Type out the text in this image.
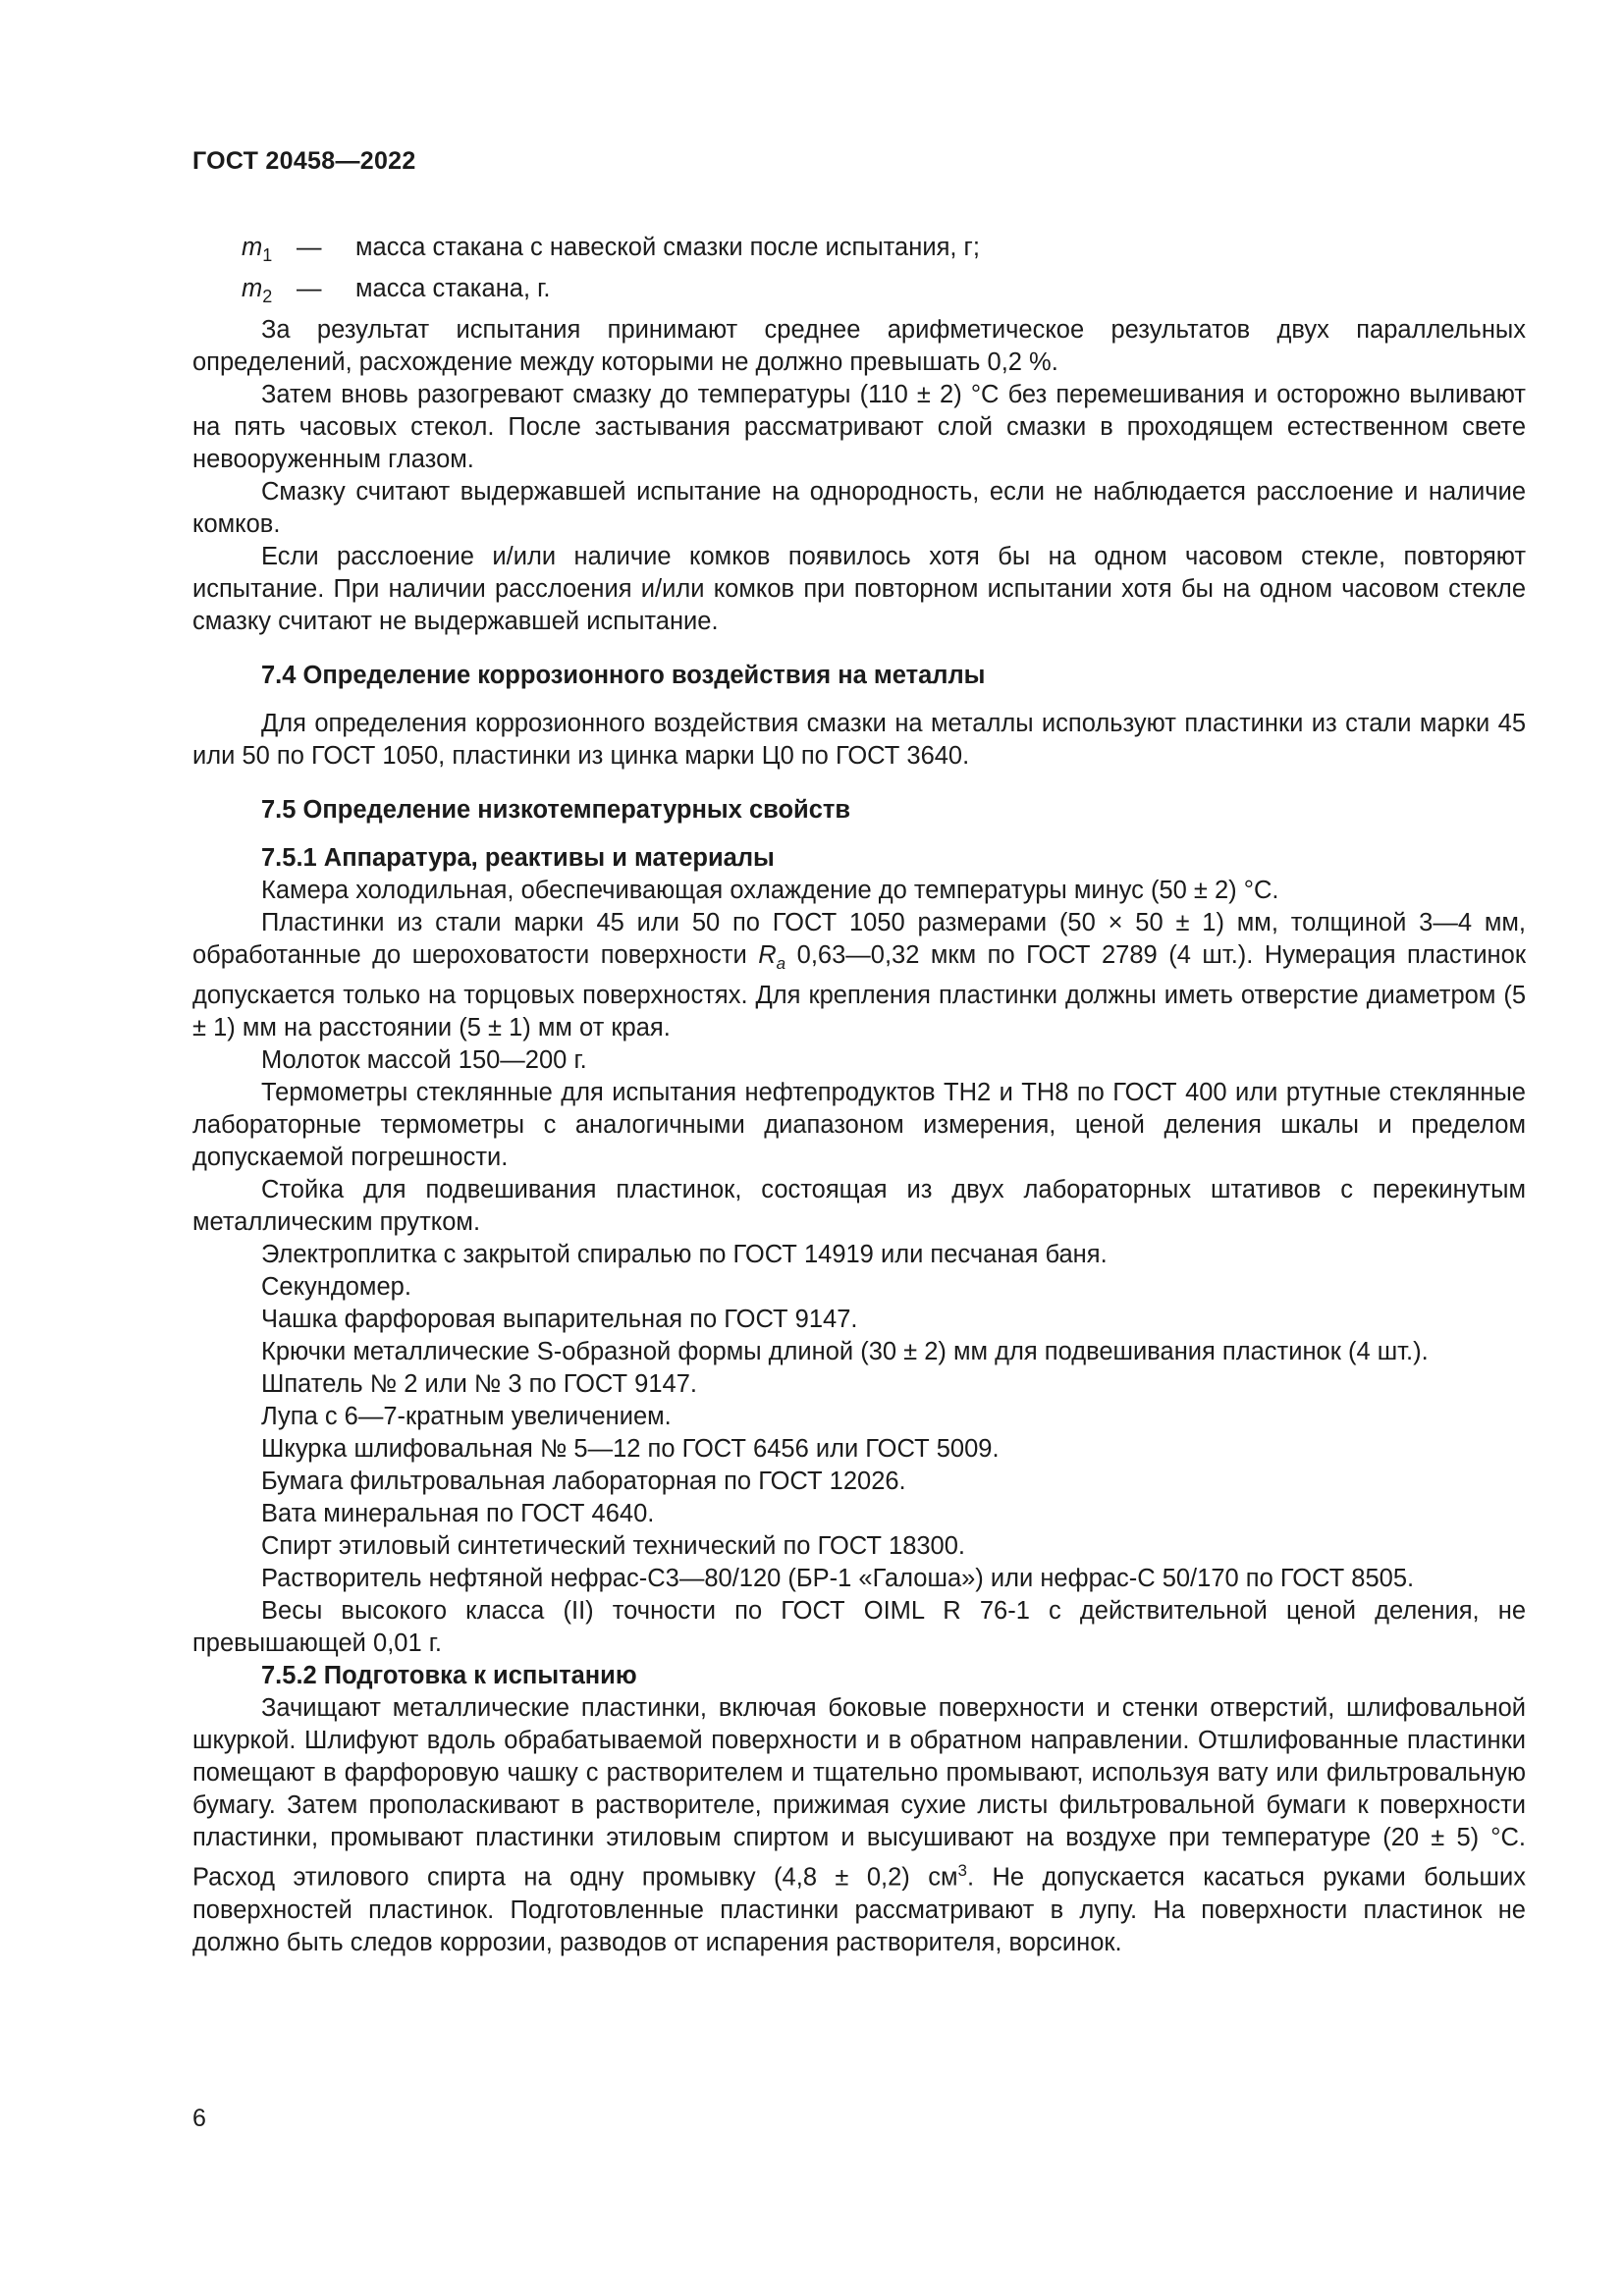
ГОСТ 20458—2022
$m_1$ —	масса стакана с навеской смазки после испытания, г;
$m_2$ —	масса стакана, г.

За результат испытания принимают среднее арифметическое результатов двух параллельных определений, расхождение между которыми не должно превышать 0,2 %.

Затем вновь разогревают смазку до температуры (110 ± 2) °С без перемешивания и осторожно выливают на пять часовых стекол. После застывания рассматривают слой смазки в проходящем естественном свете невооруженным глазом.

Смазку считают выдержавшей испытание на однородность, если не наблюдается расслоение и наличие комков.

Если расслоение и/или наличие комков появилось хотя бы на одном часовом стекле, повторяют испытание. При наличии расслоения и/или комков при повторном испытании хотя бы на одном часовом стекле смазку считают не выдержавшей испытание.

7.4 Определение коррозионного воздействия на металлы

Для определения коррозионного воздействия смазки на металлы используют пластинки из стали марки 45 или 50 по ГОСТ 1050, пластинки из цинка марки Ц0 по ГОСТ 3640.

7.5 Определение низкотемпературных свойств
7.5.1 Аппаратура, реактивы и материалы

Камера холодильная, обеспечивающая охлаждение до температуры минус (50 ± 2) °С.

Пластинки из стали марки 45 или 50 по ГОСТ 1050 размерами (50 × 50 ± 1) мм, толщиной 3—4 мм, обработанные до шероховатости поверхности $R_a$ 0,63—0,32 мкм по ГОСТ 2789 (4 шт.). Нумерация пластинок допускается только на торцовых поверхностях. Для крепления пластинки должны иметь отверстие диаметром (5 ± 1) мм на расстоянии (5 ± 1) мм от края.

Молоток массой 150—200 г.

Термометры стеклянные для испытания нефтепродуктов ТН2 и ТН8 по ГОСТ 400 или ртутные стеклянные лабораторные термометры с аналогичными диапазоном измерения, ценой деления шкалы и пределом допускаемой погрешности.

Стойка для подвешивания пластинок, состоящая из двух лабораторных штативов с перекинутым металлическим прутком.

Электроплитка с закрытой спиралью по ГОСТ 14919 или песчаная баня.

Секундомер.

Чашка фарфоровая выпарительная по ГОСТ 9147.

Крючки металлические S-образной формы длиной (30 ± 2) мм для подвешивания пластинок (4 шт.).

Шпатель № 2 или № 3 по ГОСТ 9147.

Лупа с 6—7-кратным увеличением.

Шкурка шлифовальная № 5—12 по ГОСТ 6456 или ГОСТ 5009.

Бумага фильтровальная лабораторная по ГОСТ 12026.

Вата минеральная по ГОСТ 4640.

Спирт этиловый синтетический технический по ГОСТ 18300.

Растворитель нефтяной нефрас-С3—80/120 (БР-1 «Галоша») или нефрас-С 50/170 по ГОСТ 8505.

Весы высокого класса (II) точности по ГОСТ OIML R 76-1 с действительной ценой деления, не превышающей 0,01 г.

7.5.2 Подготовка к испытанию

Зачищают металлические пластинки, включая боковые поверхности и стенки отверстий, шлифовальной шкуркой. Шлифуют вдоль обрабатываемой поверхности и в обратном направлении. Отшлифованные пластинки помещают в фарфоровую чашку с растворителем и тщательно промывают, используя вату или фильтровальную бумагу. Затем прополаскивают в растворителе, прижимая сухие листы фильтровальной бумаги к поверхности пластинки, промывают пластинки этиловым спиртом и высушивают на воздухе при температуре (20 ± 5) °С. Расход этилового спирта на одну промывку (4,8 ± 0,2) $см^3$. Не допускается касаться руками больших поверхностей пластинок. Подготовленные пластинки рассматривают в лупу. На поверхности пластинок не должно быть следов коррозии, разводов от испарения растворителя, ворсинок.

6
